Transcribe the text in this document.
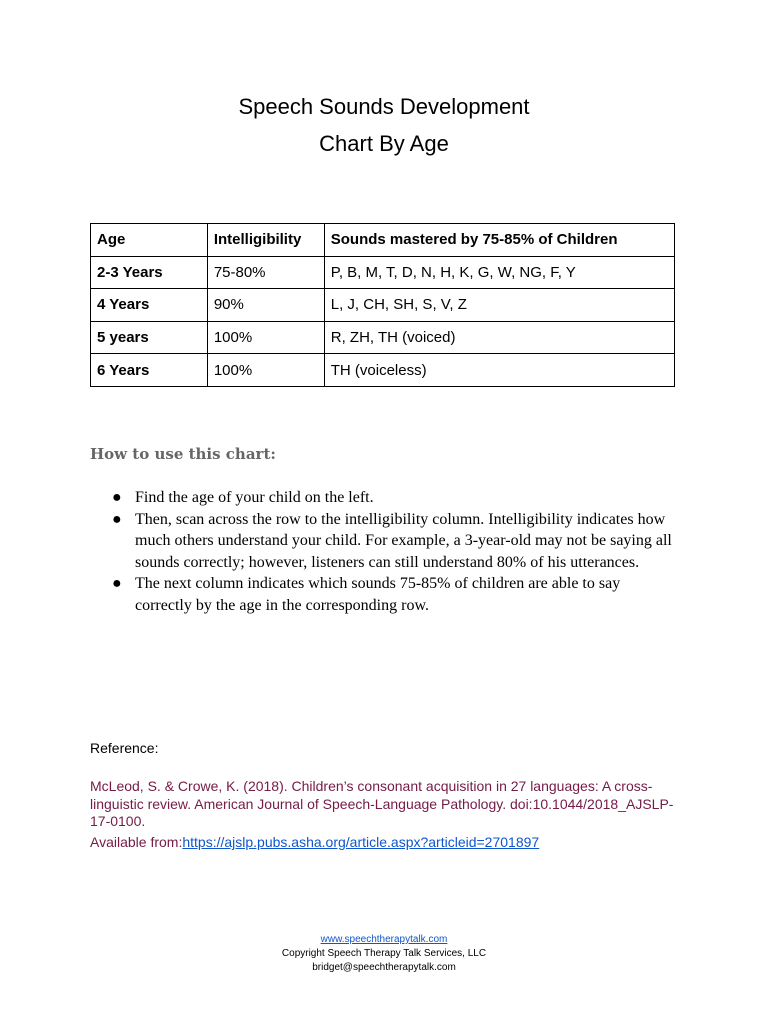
Speech Sounds Development
Chart By Age
Age	Intelligibility	Sounds mastered by 75-85% of Children
2-3 Years	75-80%	P, B, M, T, D, N, H, K, G, W, NG, F, Y
4 Years	90%	L, J, CH, SH, S, V, Z
5 years	100%	R, ZH, TH (voiced)
6 Years	100%	TH (voiceless)
How to use this chart:
● Find the age of your child on the left.
● Then, scan across the row to the intelligibility column. Intelligibility indicates how much others understand your child. For example, a 3-year-old may not be saying all sounds correctly; however, listeners can still understand 80% of his utterances.
● The next column indicates which sounds 75-85% of children are able to say correctly by the age in the corresponding row.
Reference:
McLeod, S. & Crowe, K. (2018). Children’s consonant acquisition in 27 languages: A cross-linguistic review. American Journal of Speech-Language Pathology. doi:10.1044/2018_AJSLP-17-0100.
Available from:https://ajslp.pubs.asha.org/article.aspx?articleid=2701897
www.speechtherapytalk.com
Copyright Speech Therapy Talk Services, LLC
bridget@speechtherapytalk.com
